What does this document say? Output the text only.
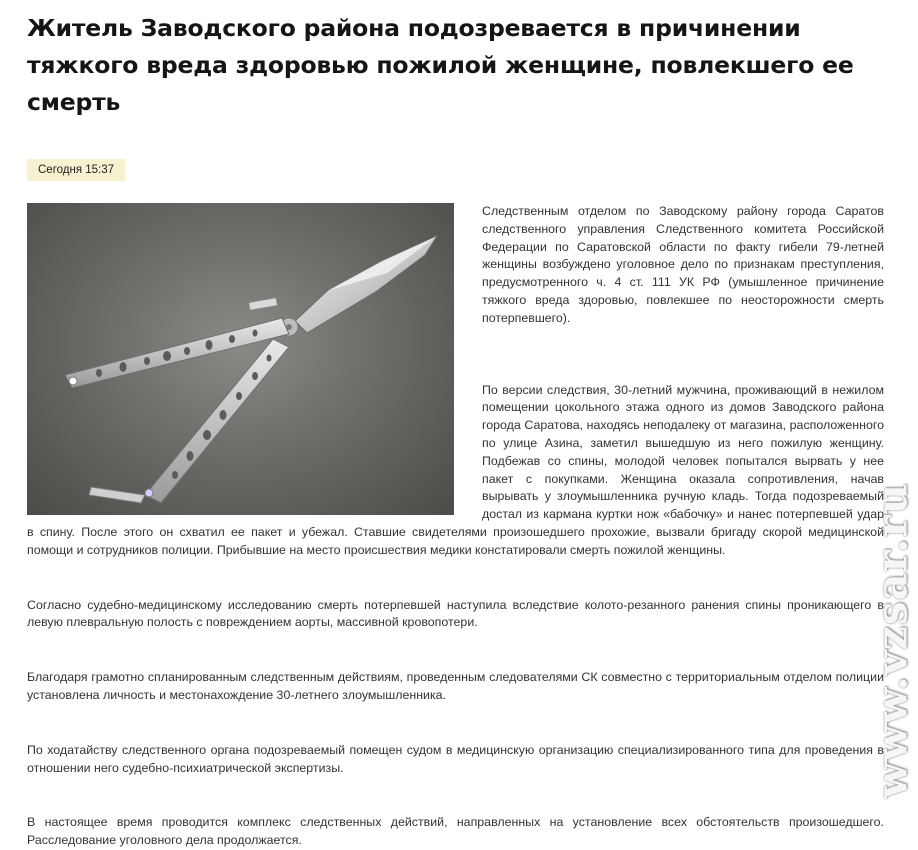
Житель Заводского района подозревается в причинении тяжкого вреда здоровью пожилой женщине, повлекшего ее смерть
Сегодня 15:37

Следственным отделом по Заводскому району города Саратов следственного управления Следственного комитета Российской Федерации по Саратовской области по факту гибели 79-летней женщины возбуждено уголовное дело по признакам преступления, предусмотренного ч. 4 ст. 111 УК РФ (умышленное причинение тяжкого вреда здоровью, повлекшее по неосторожности смерть потерпевшего).

По версии следствия, 30-летний мужчина, проживающий в нежилом помещении цокольного этажа одного из домов Заводского района города Саратова, находясь неподалеку от магазина, расположенного по улице Азина, заметил вышедшую из него пожилую женщину. Подбежав со спины, молодой человек попытался вырвать у нее пакет с покупками. Женщина оказала сопротивления, начав вырывать у злоумышленника ручную кладь. Тогда подозреваемый достал из кармана куртки нож «бабочку» и нанес потерпевшей удар в спину. После этого он схватил ее пакет и убежал. Ставшие свидетелями произошедшего прохожие, вызвали бригаду скорой медицинской помощи и сотрудников полиции. Прибывшие на место происшествия медики констатировали смерть пожилой женщины.

Согласно судебно-медицинскому исследованию смерть потерпевшей наступила вследствие колото-резанного ранения спины проникающего в левую плевральную полость с повреждением аорты, массивной кровопотери.

Благодаря грамотно спланированным следственным действиям, проведенным следователями СК совместно с территориальным отделом полиции установлена личность и местонахождение 30-летнего злоумышленника.

По ходатайству следственного органа подозреваемый помещен судом в медицинскую организацию специализированного типа для проведения в отношении него судебно-психиатрической экспертизы.

В настоящее время проводится комплекс следственных действий, направленных на установление всех обстоятельств произошедшего. Расследование уголовного дела продолжается.

www.vzsar.ru
